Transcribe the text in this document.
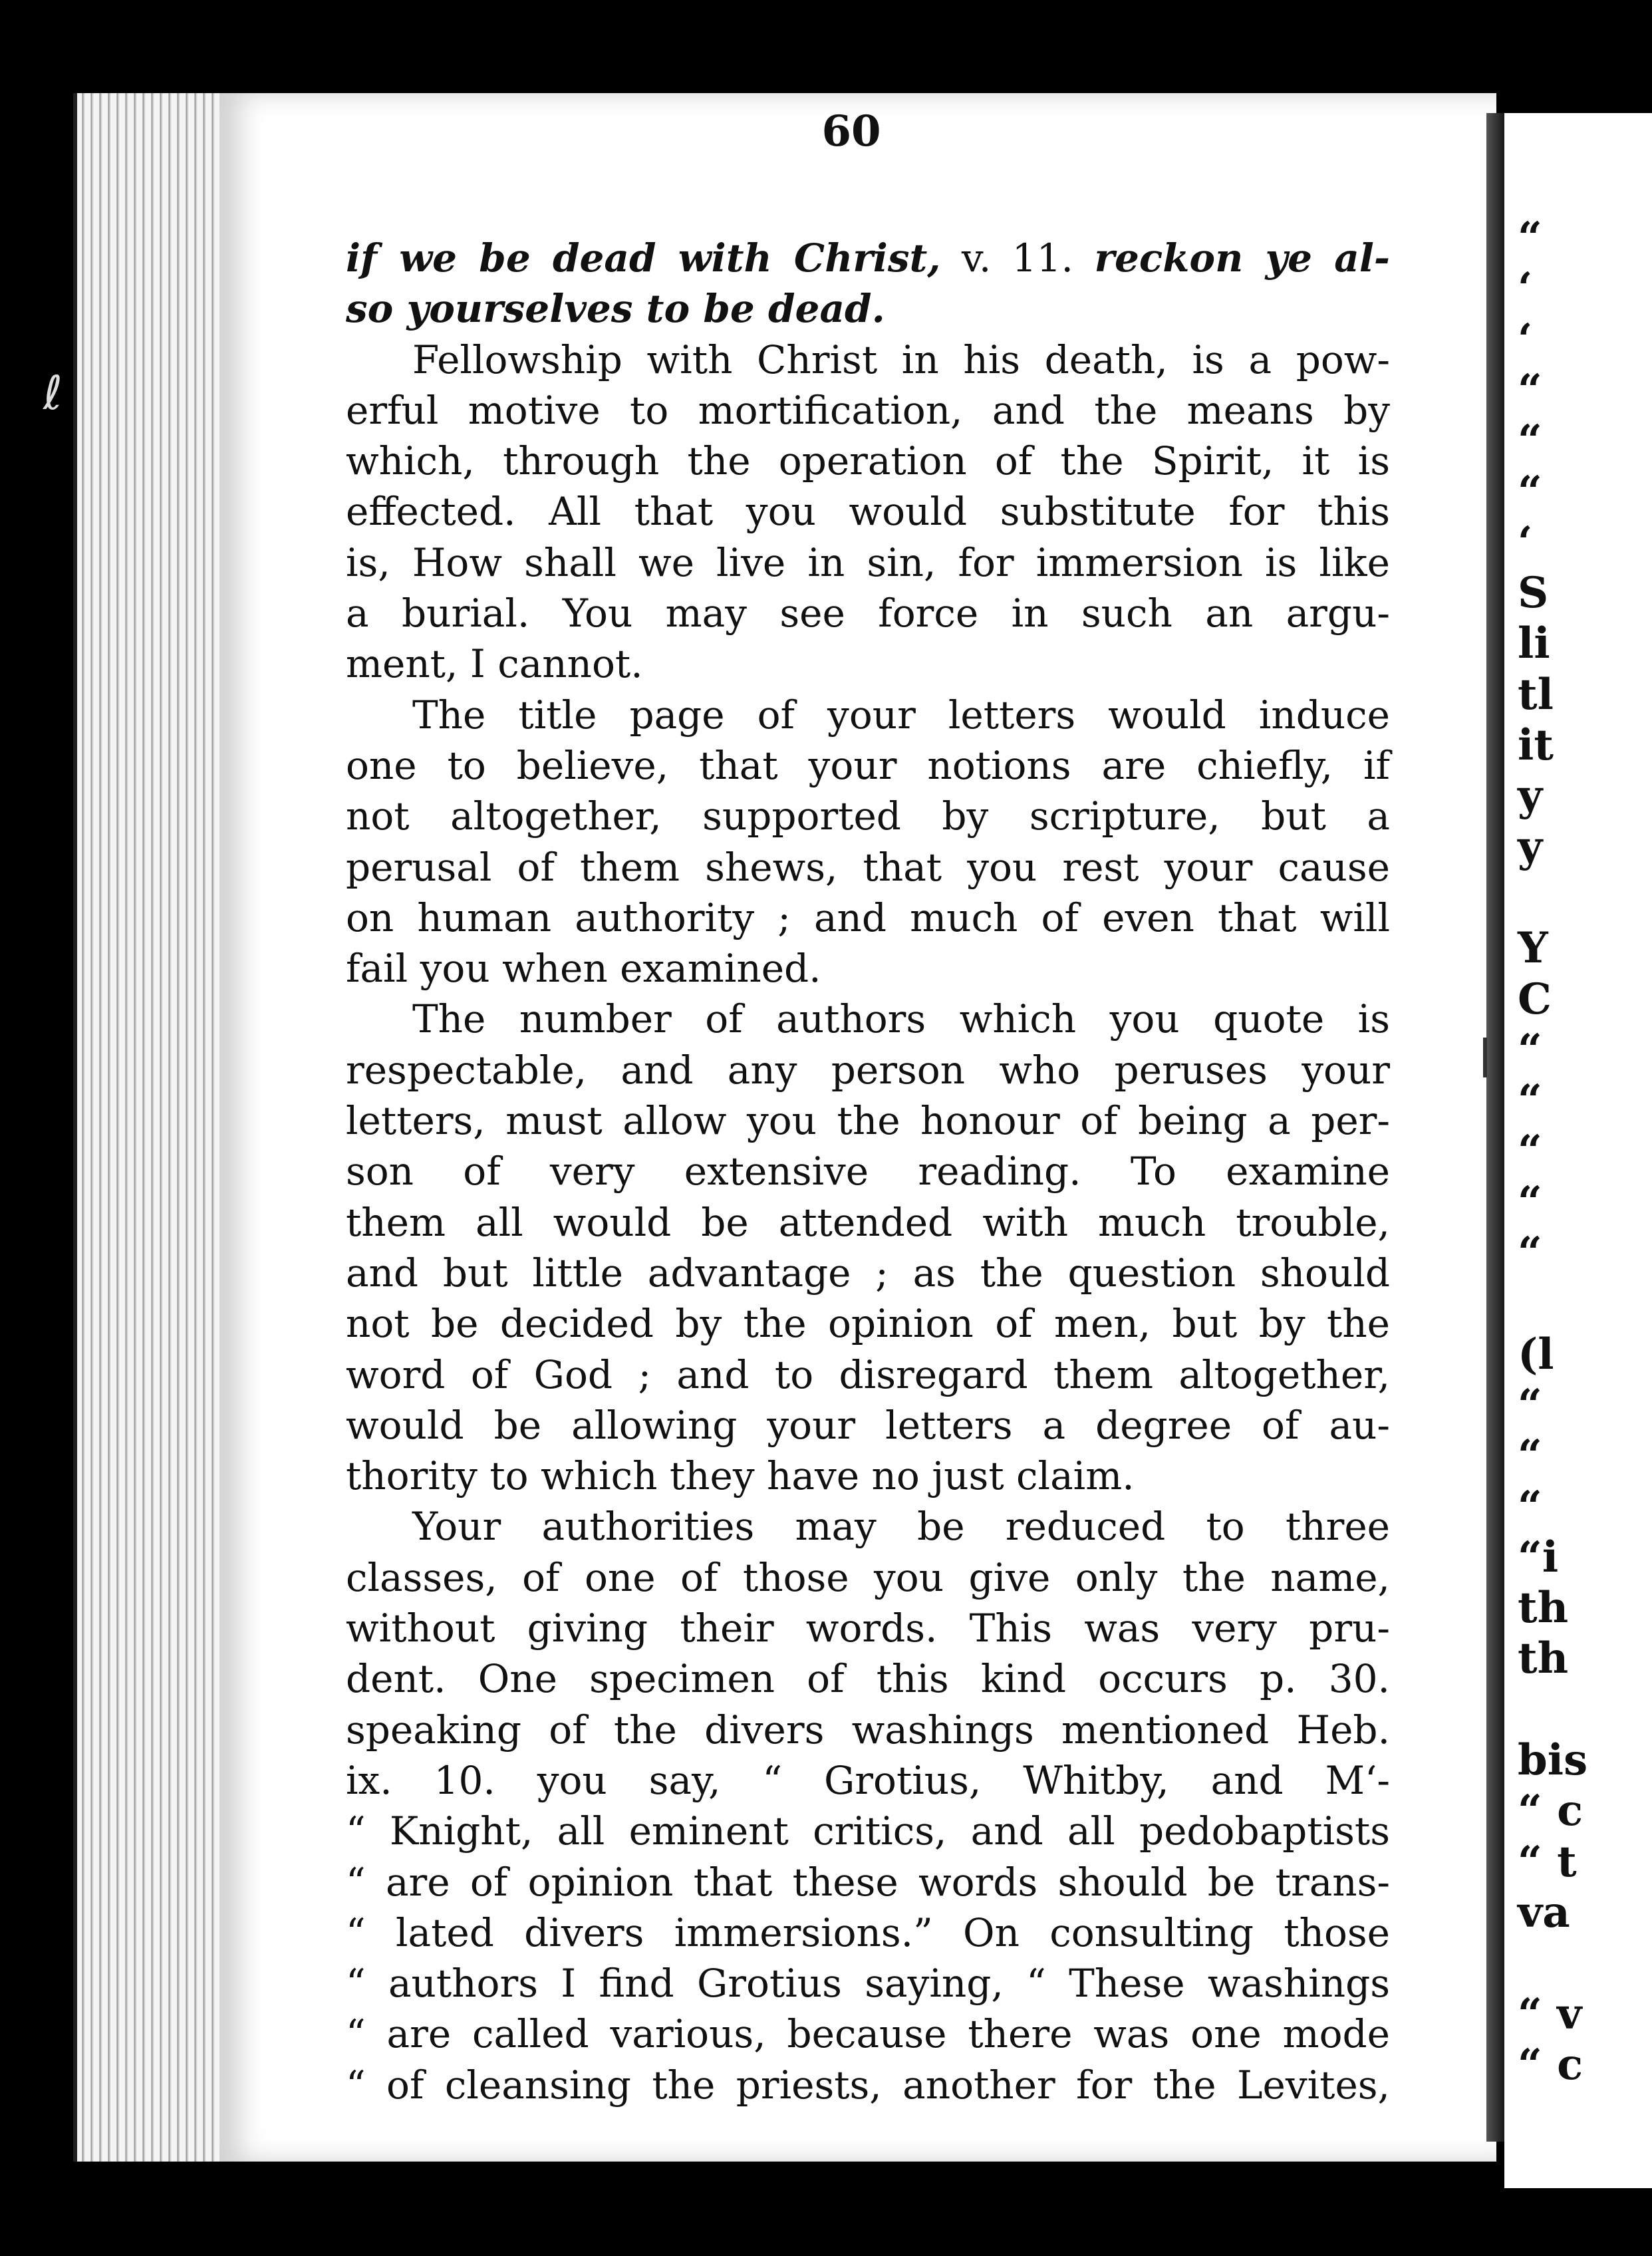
“
‘
‘
“
“
“
‘
S
li
tl
it
y
y
Y
C
“
“
“
“
“
(l
“
“
“
“i
th
th
bis
“ c
“ t
va
“ v
“ c
ℓ
60
if we be dead with Christ, v. 11. reckon ye al-
so yourselves to be dead.
Fellowship with Christ in his death, is a pow-
erful motive to mortification, and the means by
which, through the operation of the Spirit, it is
effected. All that you would substitute for this
is, How shall we live in sin, for immersion is like
a burial. You may see force in such an argu-
ment, I cannot.
The title page of your letters would induce
one to believe, that your notions are chiefly, if
not altogether, supported by scripture, but a
perusal of them shews, that you rest your cause
on human authority ; and much of even that will
fail you when examined.
The number of authors which you quote is
respectable, and any person who peruses your
letters, must allow you the honour of being a per-
son of very extensive reading. To examine
them all would be attended with much trouble,
and but little advantage ; as the question should
not be decided by the opinion of men, but by the
word of God ; and to disregard them altogether,
would be allowing your letters a degree of au-
thority to which they have no just claim.
Your authorities may be reduced to three
classes, of one of those you give only the name,
without giving their words. This was very pru-
dent. One specimen of this kind occurs p. 30.
speaking of the divers washings mentioned Heb.
ix. 10. you say, “ Grotius, Whitby, and M‘-
“ Knight, all eminent critics, and all pedobaptists
“ are of opinion that these words should be trans-
“ lated divers immersions.” On consulting those
“ authors I find Grotius saying, “ These washings
“ are called various, because there was one mode
“ of cleansing the priests, another for the Levites,
